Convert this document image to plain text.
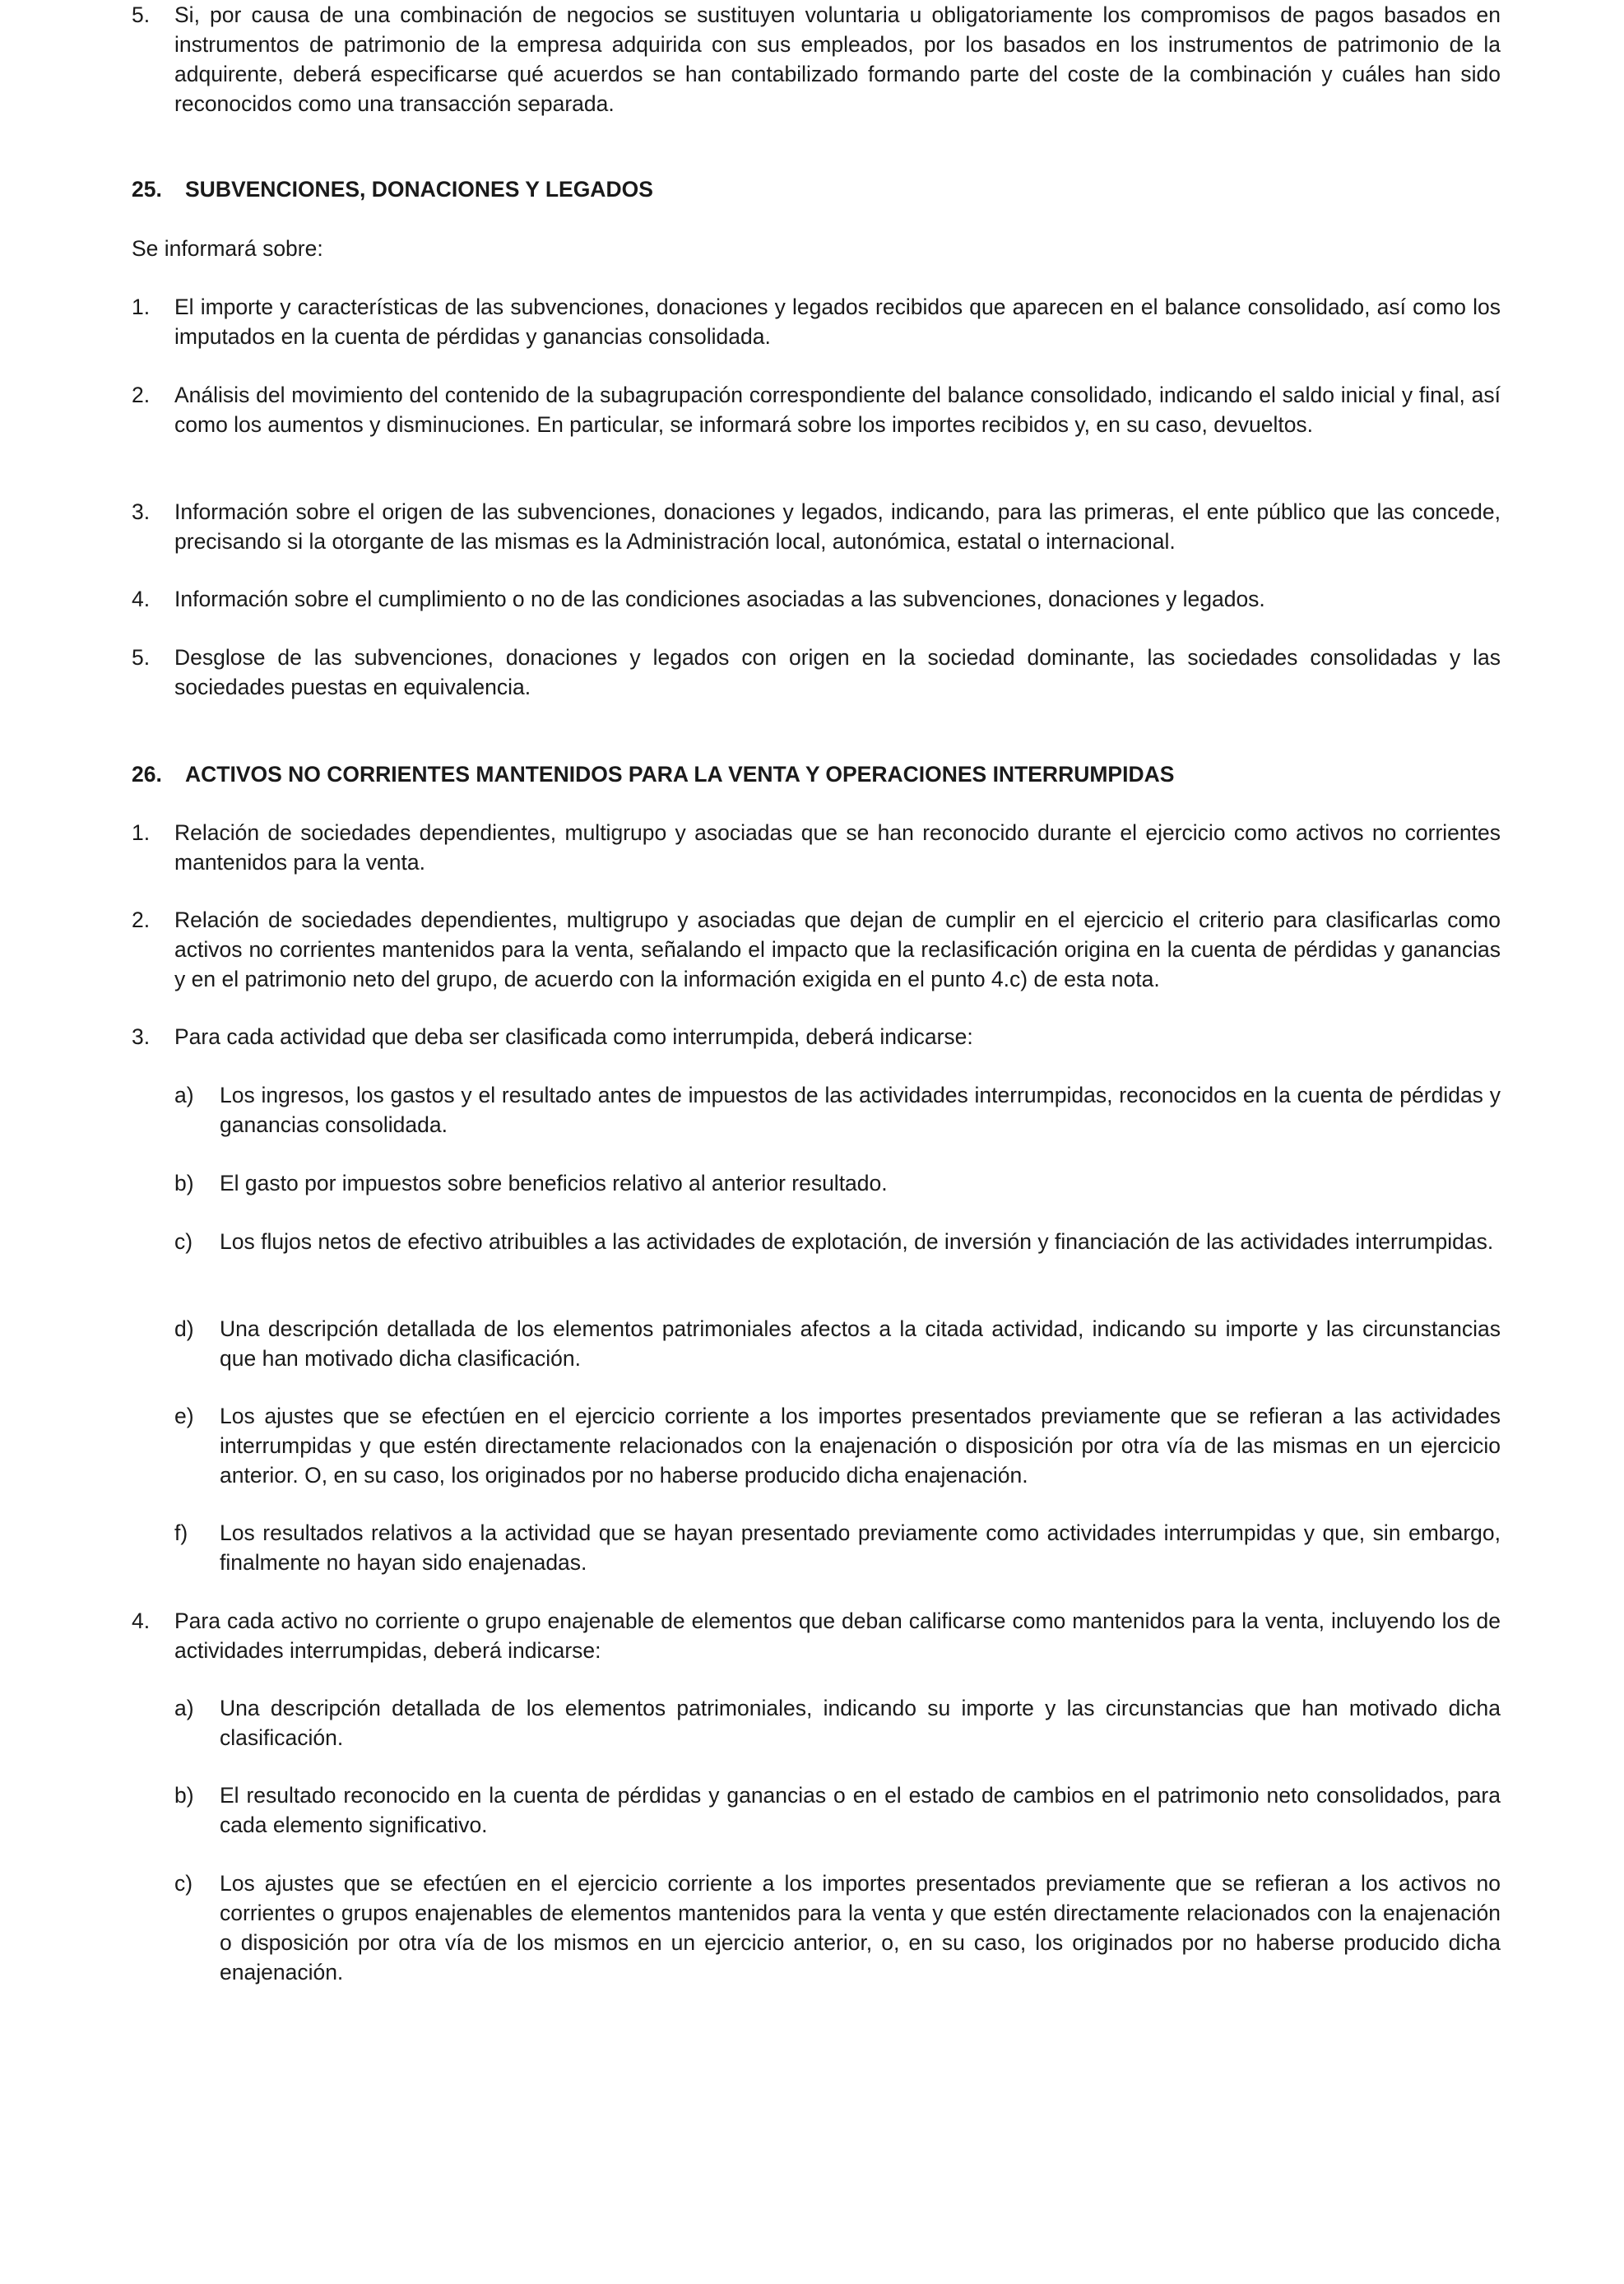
5.	Si, por causa de una combinación de negocios se sustituyen voluntaria u obligatoriamente los compromisos de pagos basados en instrumentos de patrimonio de la empresa adquirida con sus empleados, por los basados en los instrumentos de patrimonio de la adquirente, deberá especificarse qué acuerdos se han contabilizado formando parte del coste de la combinación y cuáles han sido reconocidos como una transacción separada.
25.	SUBVENCIONES, DONACIONES Y LEGADOS
Se informará sobre:
1.	El importe y características de las subvenciones, donaciones y legados recibidos que aparecen en el balance consolidado, así como los imputados en la cuenta de pérdidas y ganancias consolidada.
2.	Análisis del movimiento del contenido de la subagrupación correspondiente del balance consolidado, indicando el saldo inicial y final, así como los aumentos y disminuciones. En particular, se informará sobre los importes recibidos y, en su caso, devueltos.
3.	Información sobre el origen de las subvenciones, donaciones y legados, indicando, para las primeras, el ente público que las concede, precisando si la otorgante de las mismas es la Administración local, autonómica, estatal o internacional.
4.	Información sobre el cumplimiento o no de las condiciones asociadas a las subvenciones, donaciones y legados.
5.	Desglose de las subvenciones, donaciones y legados con origen en la sociedad dominante, las sociedades consolidadas y las sociedades puestas en equivalencia.
26.	ACTIVOS NO CORRIENTES MANTENIDOS PARA LA VENTA Y OPERACIONES INTERRUMPIDAS
1.	Relación de sociedades dependientes, multigrupo y asociadas que se han reconocido durante el ejercicio como activos no corrientes mantenidos para la venta.
2.	Relación de sociedades dependientes, multigrupo y asociadas que dejan de cumplir en el ejercicio el criterio para clasificarlas como activos no corrientes mantenidos para la venta, señalando el impacto que la reclasificación origina en la cuenta de pérdidas y ganancias y en el patrimonio neto del grupo, de acuerdo con la información exigida en el punto 4.c) de esta nota.
3.	Para cada actividad que deba ser clasificada como interrumpida, deberá indicarse:
a)	Los ingresos, los gastos y el resultado antes de impuestos de las actividades interrumpidas, reconocidos en la cuenta de pérdidas y ganancias consolidada.
b)	El gasto por impuestos sobre beneficios relativo al anterior resultado.
c)	Los flujos netos de efectivo atribuibles a las actividades de explotación, de inversión y financiación de las actividades interrumpidas.
d)	Una descripción detallada de los elementos patrimoniales afectos a la citada actividad, indicando su importe y las circunstancias que han motivado dicha clasificación.
e)	Los ajustes que se efectúen en el ejercicio corriente a los importes presentados previamente que se refieran a las actividades interrumpidas y que estén directamente relacionados con la enajenación o disposición por otra vía de las mismas en un ejercicio anterior. O, en su caso, los originados por no haberse producido dicha enajenación.
f)	Los resultados relativos a la actividad que se hayan presentado previamente como actividades interrumpidas y que, sin embargo, finalmente no hayan sido enajenadas.
4.	Para cada activo no corriente o grupo enajenable de elementos que deban calificarse como mantenidos para la venta, incluyendo los de actividades interrumpidas, deberá indicarse:
a)	Una descripción detallada de los elementos patrimoniales, indicando su importe y las circunstancias que han motivado dicha clasificación.
b)	El resultado reconocido en la cuenta de pérdidas y ganancias o en el estado de cambios en el patrimonio neto consolidados, para cada elemento significativo.
c)	Los ajustes que se efectúen en el ejercicio corriente a los importes presentados previamente que se refieran a los activos no corrientes o grupos enajenables de elementos mantenidos para la venta y que estén directamente relacionados con la enajenación o disposición por otra vía de los mismos en un ejercicio anterior, o, en su caso, los originados por no haberse producido dicha enajenación.
